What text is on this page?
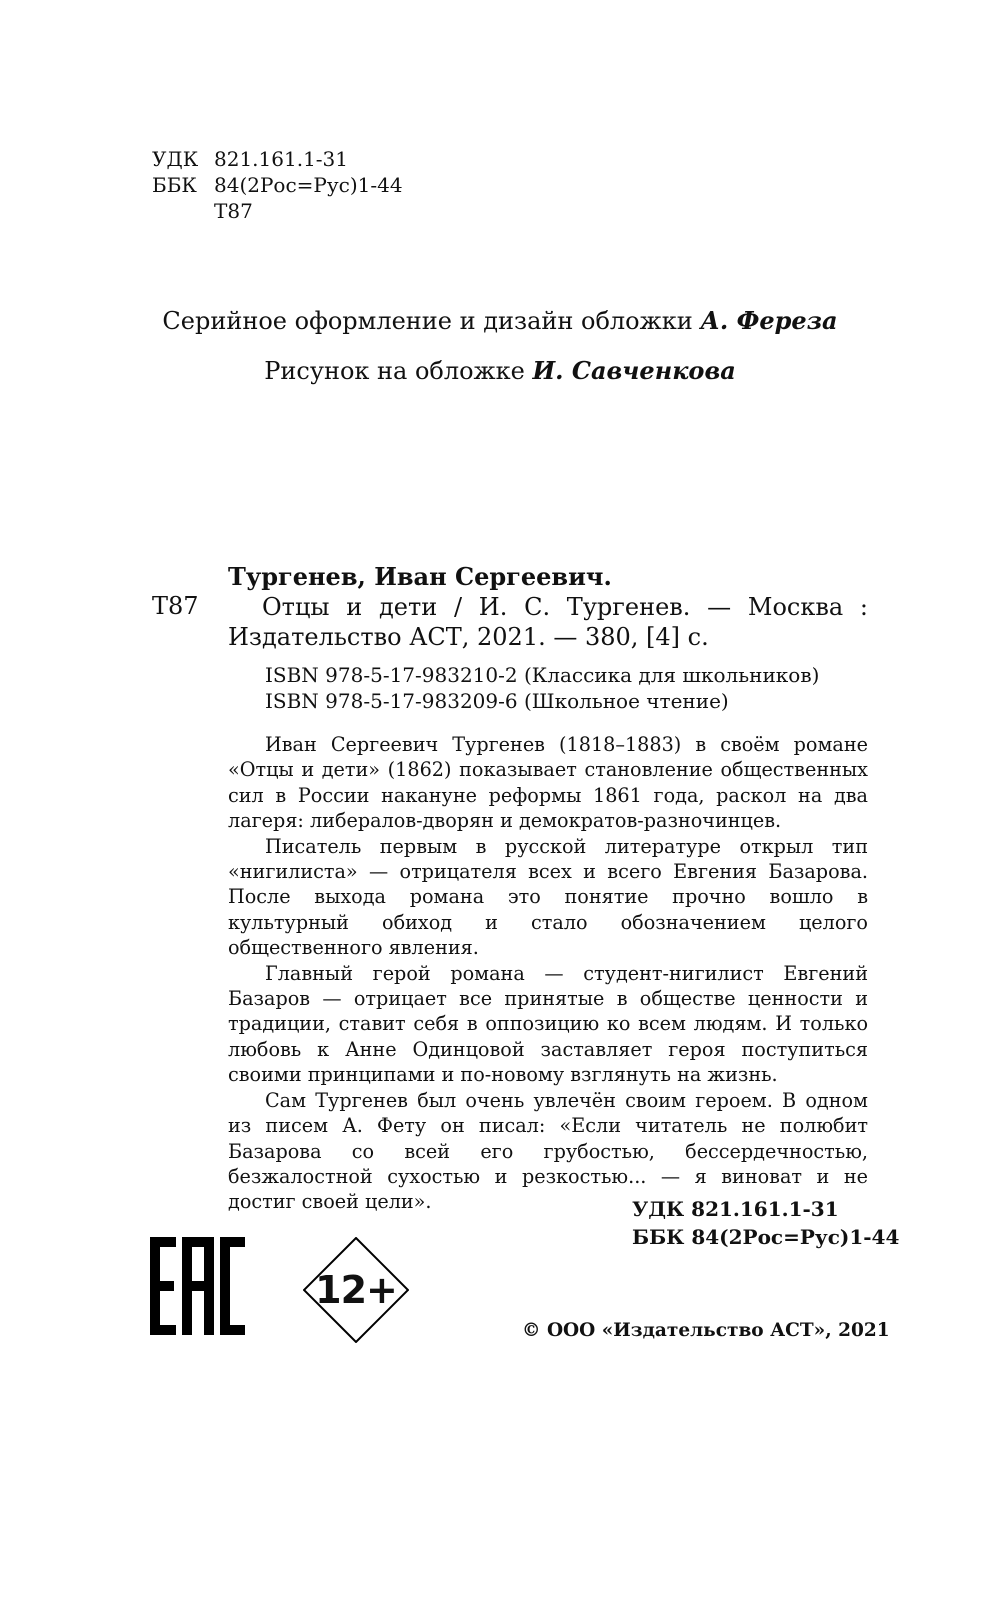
УДК 821.161.1-31
ББК 84(2Рос=Рус)1-44
Т87
Серийное оформление и дизайн обложки А. Фереза
Рисунок на обложке И. Савченкова
Тургенев, Иван Сергеевич.
Т87	Отцы и дети / И. С. Тургенев. — Москва :
Издательство АСТ, 2021. — 380, [4] с.
ISBN 978-5-17-983210-2 (Классика для школьников)
ISBN 978-5-17-983209-6 (Школьное чтение)

Иван Сергеевич Тургенев (1818–1883) в своём романе «Отцы и дети» (1862) показывает становление общественных сил в России накануне реформы 1861 года, раскол на два лагеря: либералов-дворян и демократов-разночинцев.

Писатель первым в русской литературе открыл тип «нигилиста» — отрицателя всех и всего Евгения Базарова. После выхода романа это понятие прочно вошло в культурный обиход и стало обозначением целого общественного явления.

Главный герой романа — студент-нигилист Евгений Базаров — отрицает все принятые в обществе ценности и традиции, ставит себя в оппозицию ко всем людям. И только любовь к Анне Одинцовой заставляет героя поступиться своими принципами и по-новому взглянуть на жизнь.

Сам Тургенев был очень увлечён своим героем. В одном из писем А. Фету он писал: «Если читатель не полюбит Базарова со всей его грубостью, бессердечностью, безжалостной сухостью и резкостью... — я виноват и не достиг своей цели».	УДК 821.161.1-31
ББК 84(2Рос=Рус)1-44
12+
© ООО «Издательство АСТ», 2021
